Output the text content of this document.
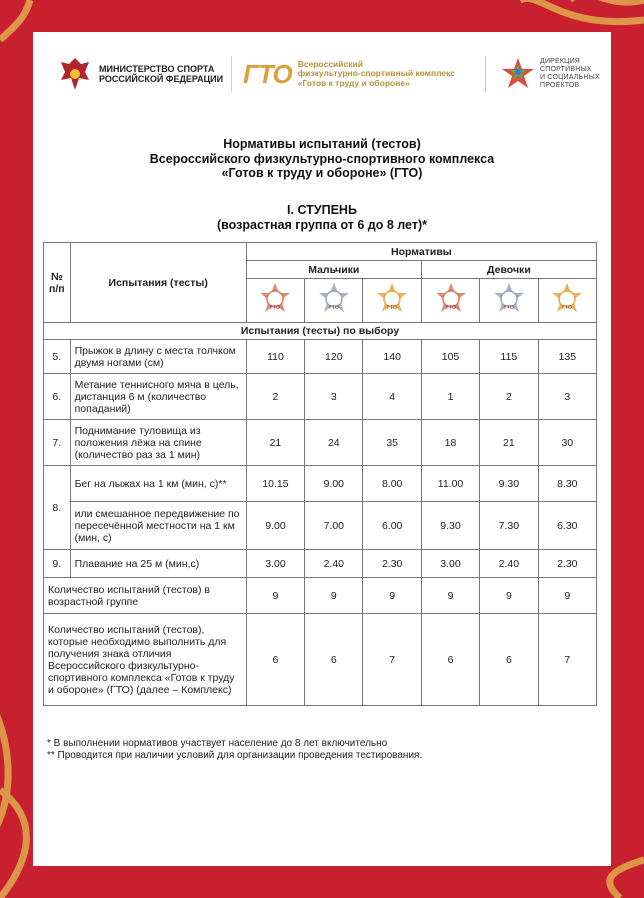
МИНИСТЕРСТВО СПОРТА
РОССИЙСКОЙ ФЕДЕРАЦИИ ГТО Всероссийский
физкультурно-спортивный комплекс
«Готов к труду и обороне»
ДИРЕКЦИЯ
СПОРТИВНЫХ
И СОЦИАЛЬНЫХ
ПРОЕКТОВ
Нормативы испытаний (тестов)
Всероссийского физкультурно-спортивного комплекса
«Готов к труду и обороне» (ГТО)
I. СТУПЕНЬ
(возрастная группа от 6 до 8 лет)*
№ п/п	Испытания (тесты)	Нормативы					
		Мальчики			Девочки		

ГТО	ГТО	ГТО	ГТО	ГТО	ГТО

Испытания (тесты) по выбору							
5.	Прыжок в длину с места толчком двумя ногами (см)	110	120	140	105	115	135
6.	Метание теннисного мяча в цель, дистанция 6 м (количество попаданий)	2	3	4	1	2	3
7.	Поднимание туловища из положения лёжа на спине (количество раз за 1 мин)	21	24	35	18	21	30
8.	Бег на лыжах на 1 км (мин, с)**	10.15	9.00	8.00	11.00	9.30	8.30
	или смешанное передвижение по пересечённой местности на 1 км (мин, с)	9.00	7.00	6.00	9.30	7.30	6.30
9.	Плавание на 25 м (мин,с)	3.00	2.40	2.30	3.00	2.40	2.30
Количество испытаний (тестов) в возрастной группе		9	9	9	9	9	9
Количество испытаний (тестов), которые необходимо выполнить для получения знака отличия Всероссийского физкультурно-спортивного комплекса «Готов к труду и обороне» (ГТО) (далее – Комплекс)		6	6	7	6	6	7
* В выполнении нормативов участвует население до 8 лет включительно
** Проводится при наличии условий для организации проведения тестирования.
